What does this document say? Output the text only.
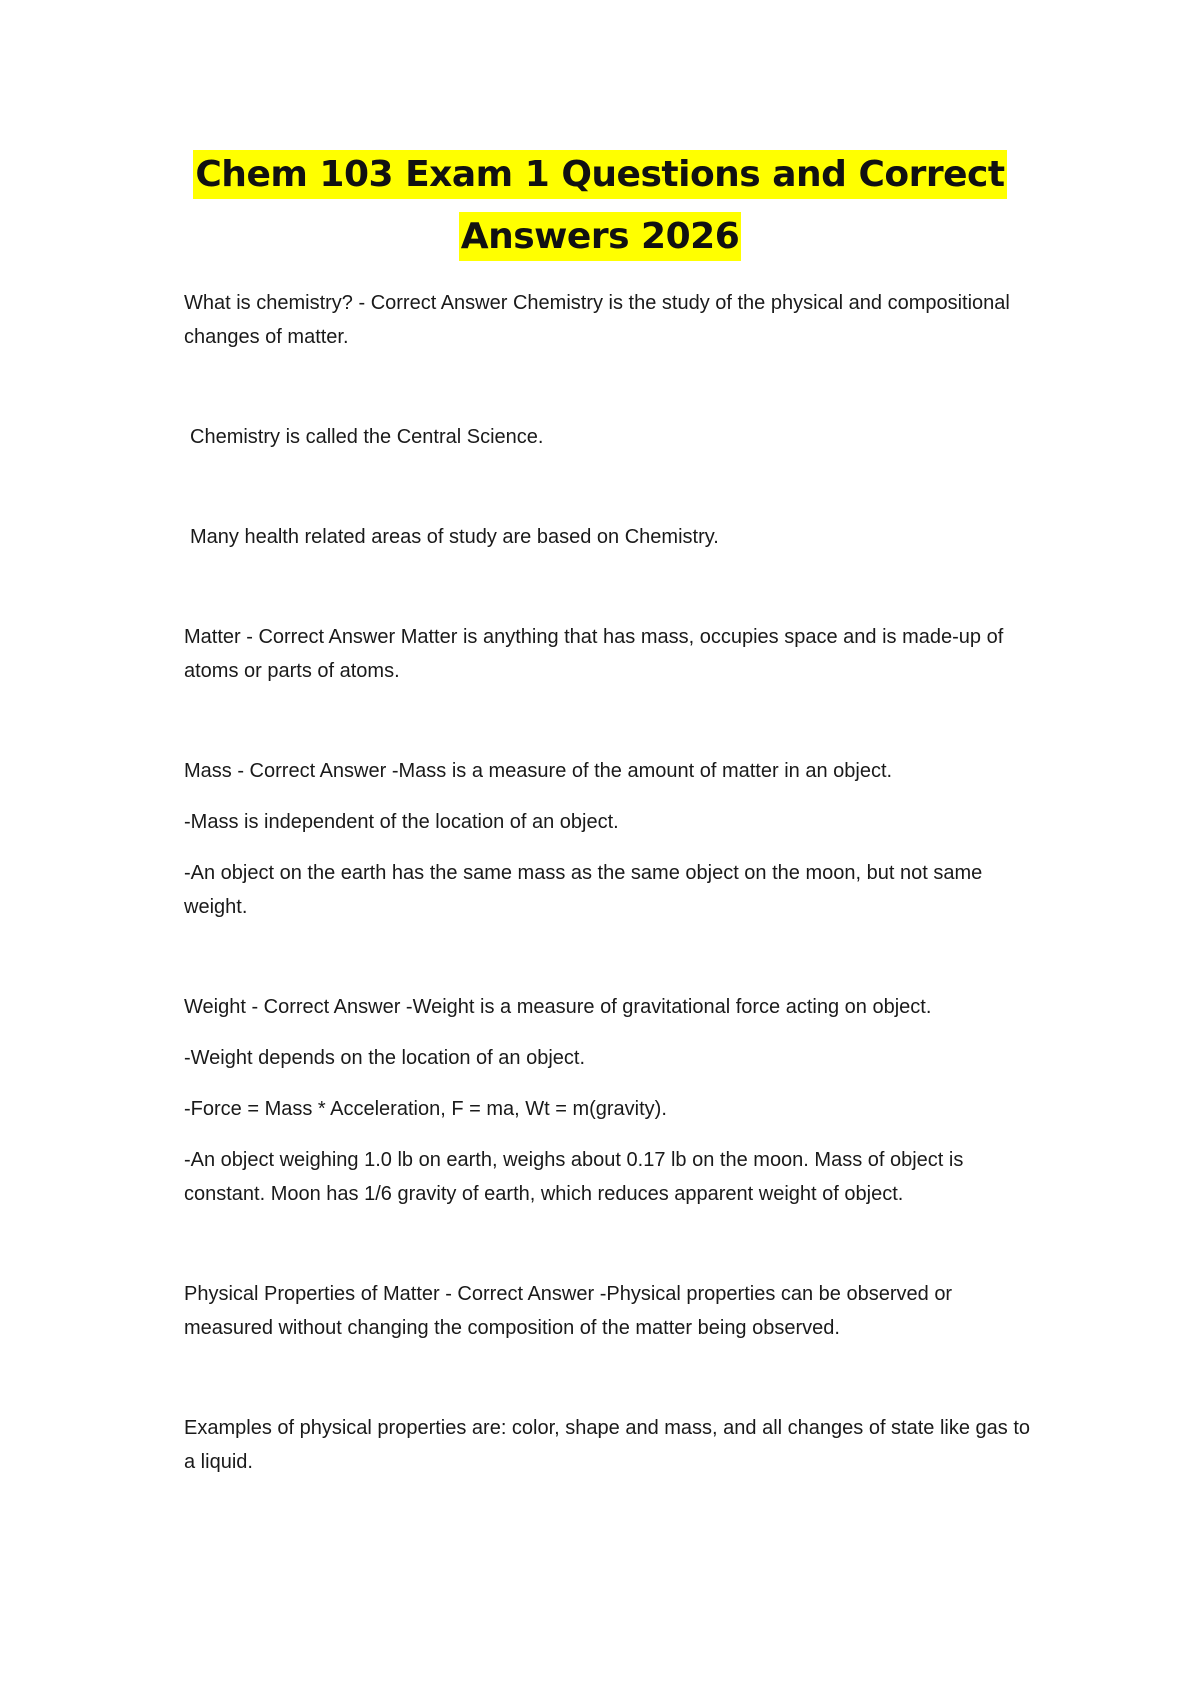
Chem 103 Exam 1 Questions and Correct
Answers 2026

What is chemistry? - Correct Answer Chemistry is the study of the physical and compositional changes of matter.

Chemistry is called the Central Science.

Many health related areas of study are based on Chemistry.

Matter - Correct Answer Matter is anything that has mass, occupies space and is made-up of atoms or parts of atoms.

Mass - Correct Answer -Mass is a measure of the amount of matter in an object.

-Mass is independent of the location of an object.

-An object on the earth has the same mass as the same object on the moon, but not same weight.

Weight - Correct Answer -Weight is a measure of gravitational force acting on object.

-Weight depends on the location of an object.

-Force = Mass * Acceleration, F = ma, Wt = m(gravity).

-An object weighing 1.0 lb on earth, weighs about 0.17 lb on the moon. Mass of object is constant. Moon has 1/6 gravity of earth, which reduces apparent weight of object.

Physical Properties of Matter - Correct Answer -Physical properties can be observed or measured without changing the composition of the matter being observed.

Examples of physical properties are: color, shape and mass, and all changes of state like gas to a liquid.
